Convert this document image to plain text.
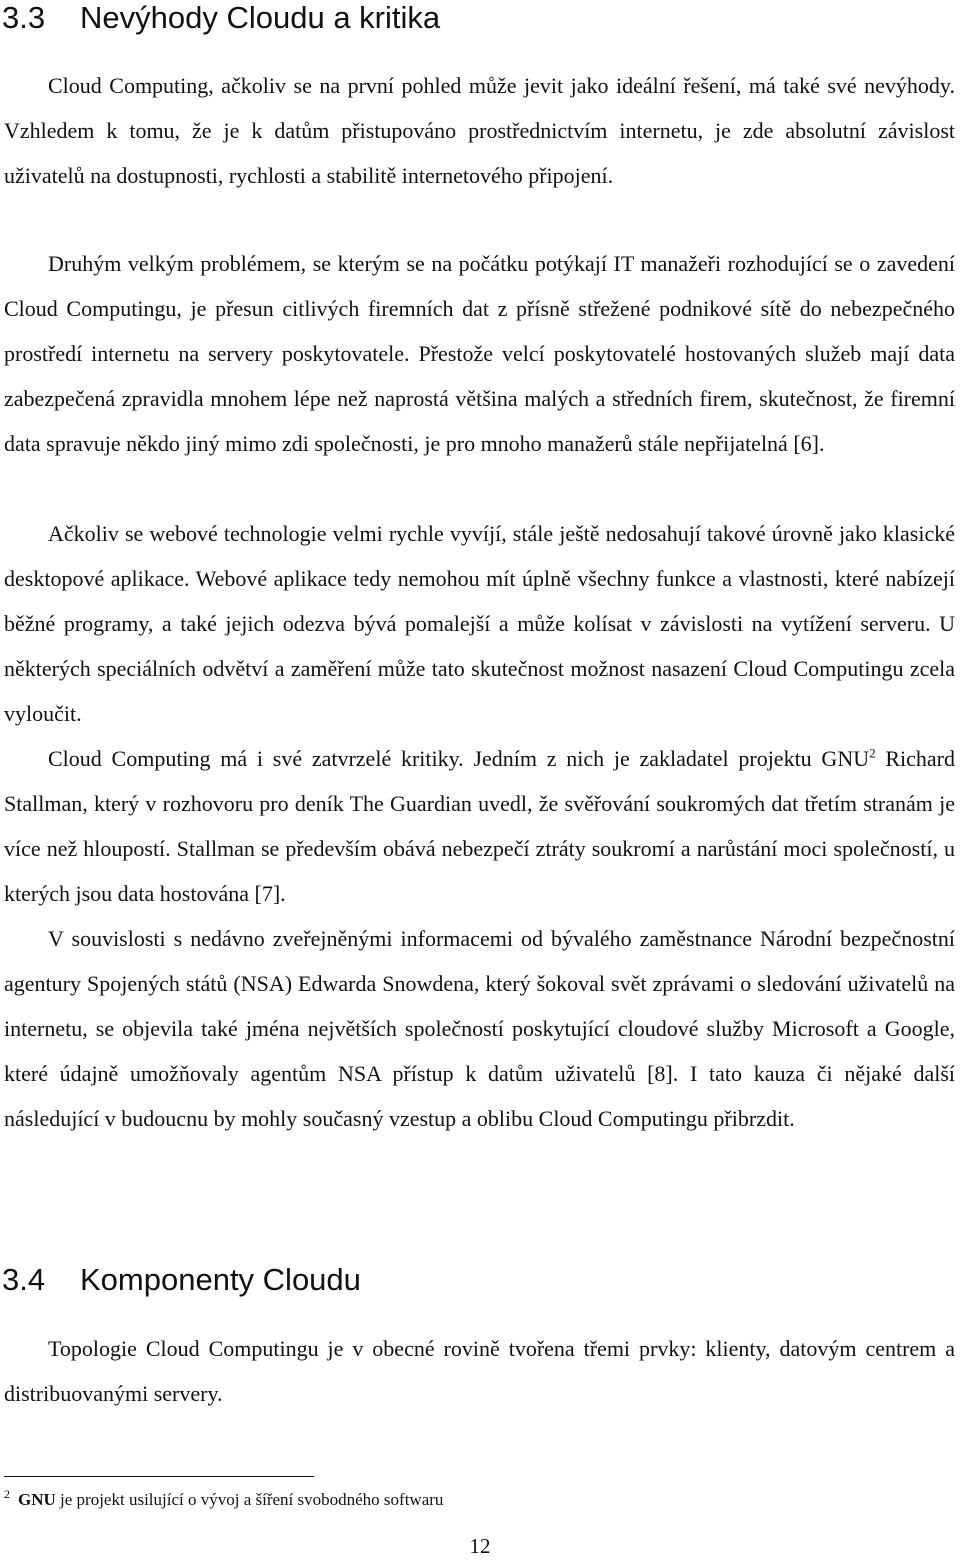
3.3 Nevýhody Cloudu a kritika

Cloud Computing, ačkoliv se na první pohled může jevit jako ideální řešení, má také své nevýhody. Vzhledem k tomu, že je k datům přistupováno prostřednictvím internetu, je zde absolutní závislost uživatelů na dostupnosti, rychlosti a stabilitě internetového připojení.

Druhým velkým problémem, se kterým se na počátku potýkají IT manažeři rozhodující se o zavedení Cloud Computingu, je přesun citlivých firemních dat z přísně střežené podnikové sítě do nebezpečného prostředí internetu na servery poskytovatele. Přestože velcí poskytovatelé hostovaných služeb mají data zabezpečená zpravidla mnohem lépe než naprostá většina malých a středních firem, skutečnost, že firemní data spravuje někdo jiný mimo zdi společnosti, je pro mnoho manažerů stále nepřijatelná [6].

Ačkoliv se webové technologie velmi rychle vyvíjí, stále ještě nedosahují takové úrovně jako klasické desktopové aplikace. Webové aplikace tedy nemohou mít úplně všechny funkce a vlastnosti, které nabízejí běžné programy, a také jejich odezva bývá pomalejší a může kolísat v závislosti na vytížení serveru. U některých speciálních odvětví a zaměření může tato skutečnost možnost nasazení Cloud Computingu zcela vyloučit.

Cloud Computing má i své zatvrzelé kritiky. Jedním z nich je zakladatel projektu GNU$^2$ Richard Stallman, který v rozhovoru pro deník The Guardian uvedl, že svěřování soukromých dat třetím stranám je více než hloupostí. Stallman se především obává nebezpečí ztráty soukromí a narůstání moci společností, u kterých jsou data hostována [7].

V souvislosti s nedávno zveřejněnými informacemi od bývalého zaměstnance Národní bezpečnostní agentury Spojených států (NSA) Edwarda Snowdena, který šokoval svět zprávami o sledování uživatelů na internetu, se objevila také jména největších společností poskytující cloudové služby Microsoft a Google, které údajně umožňovaly agentům NSA přístup k datům uživatelů [8]. I tato kauza či nějaké další následující v budoucnu by mohly současný vzestup a oblibu Cloud Computingu přibrzdit.

3.4 Komponenty Cloudu

Topologie Cloud Computingu je v obecné rovině tvořena třemi prvky: klienty, datovým centrem a distribuovanými servery.

$^2$ GNU je projekt usilující o vývoj a šíření svobodného softwaru
12
